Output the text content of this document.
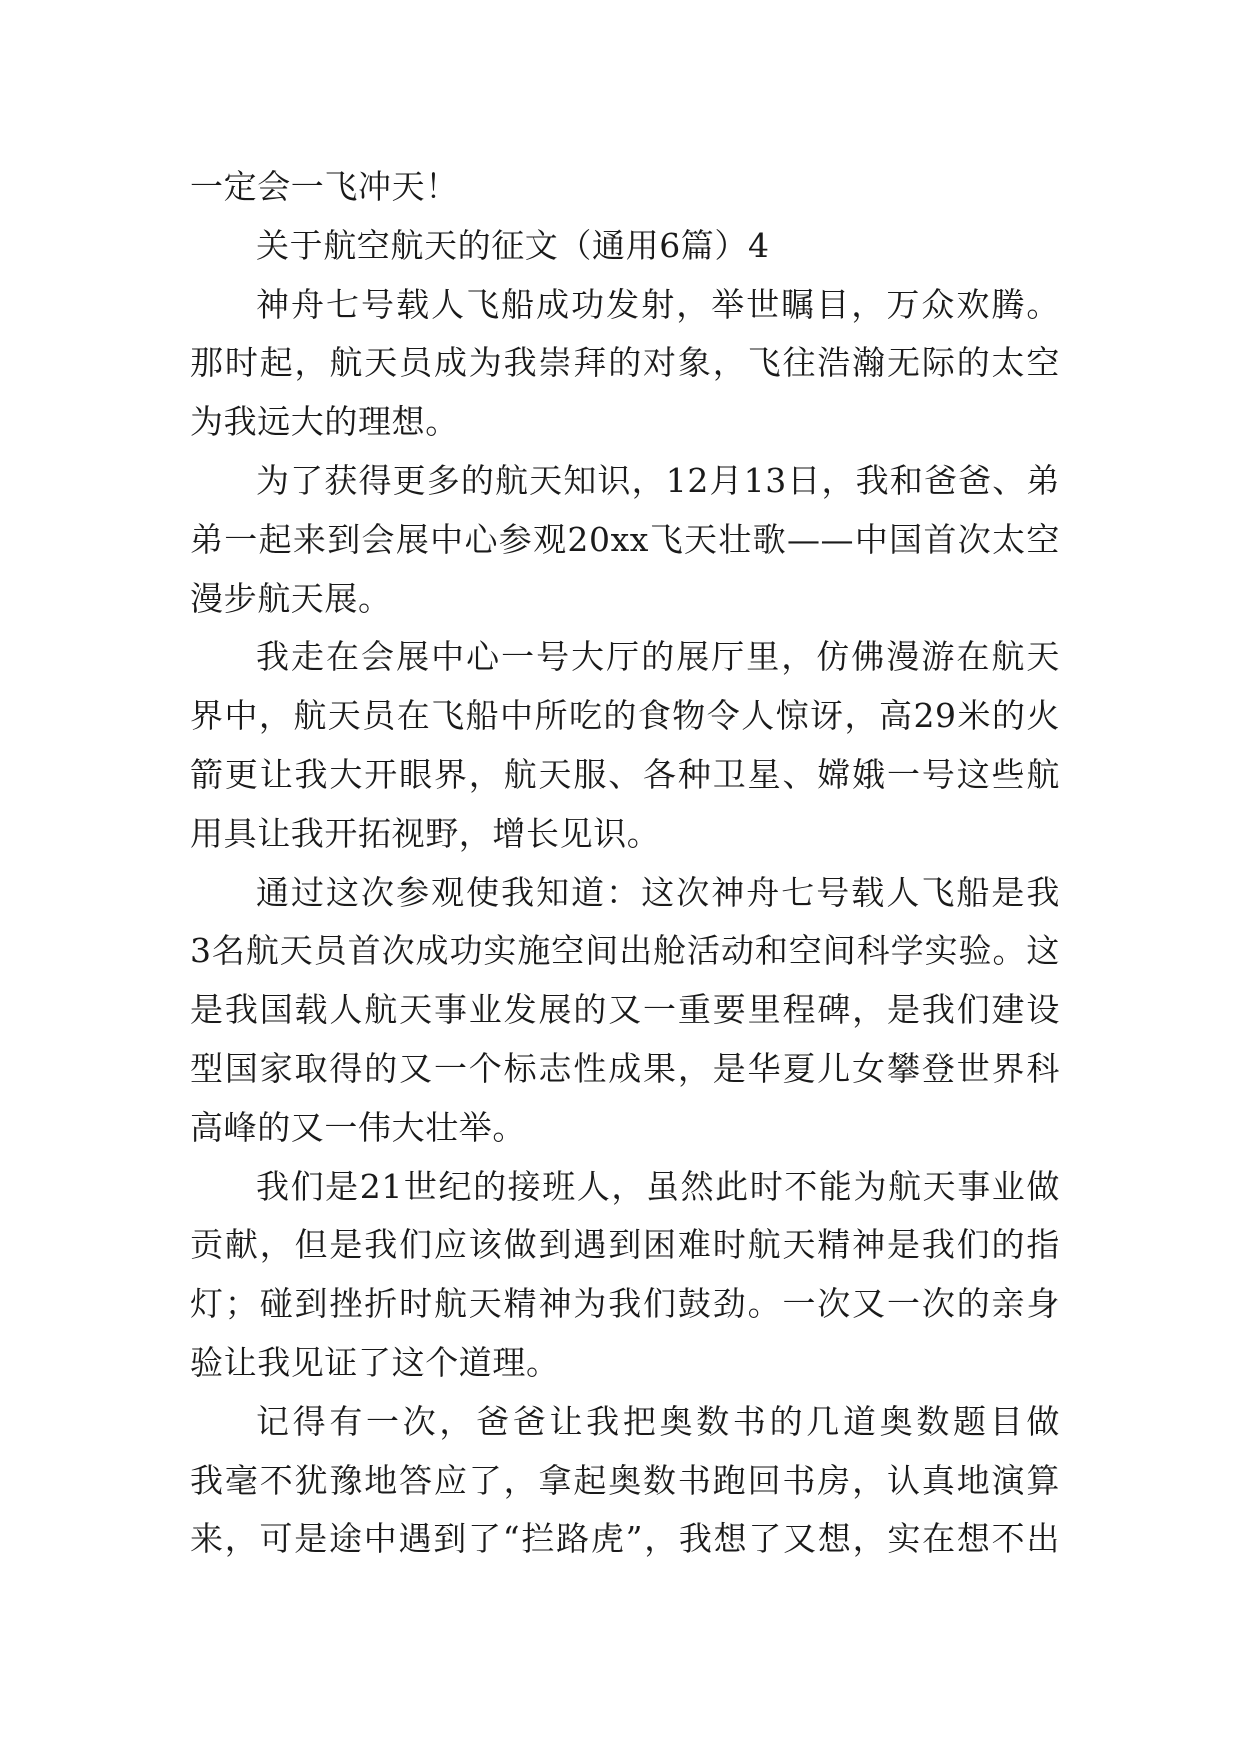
一定会一飞冲天！
关于航空航天的征文（通用6篇）4
神舟七号载人飞船成功发射，举世瞩目，万众欢腾。
那时起，航天员成为我崇拜的对象，飞往浩瀚无际的太空
为我远大的理想。
为了获得更多的航天知识，12月13日，我和爸爸、弟
弟一起来到会展中心参观20xx飞天壮歌——中国首次太空
漫步航天展。
我走在会展中心一号大厅的展厅里，仿佛漫游在航天
界中，航天员在飞船中所吃的食物令人惊讶，高29米的火
箭更让我大开眼界，航天服、各种卫星、嫦娥一号这些航
用具让我开拓视野，增长见识。
通过这次参观使我知道：这次神舟七号载人飞船是我
3名航天员首次成功实施空间出舱活动和空间科学实验。这
是我国载人航天事业发展的又一重要里程碑，是我们建设
型国家取得的又一个标志性成果，是华夏儿女攀登世界科
高峰的又一伟大壮举。
我们是21世纪的接班人，虽然此时不能为航天事业做
贡献，但是我们应该做到遇到困难时航天精神是我们的指
灯；碰到挫折时航天精神为我们鼓劲。一次又一次的亲身
验让我见证了这个道理。
记得有一次，爸爸让我把奥数书的几道奥数题目做
我毫不犹豫地答应了，拿起奥数书跑回书房，认真地演算
来，可是途中遇到了“拦路虎”，我想了又想，实在想不出
